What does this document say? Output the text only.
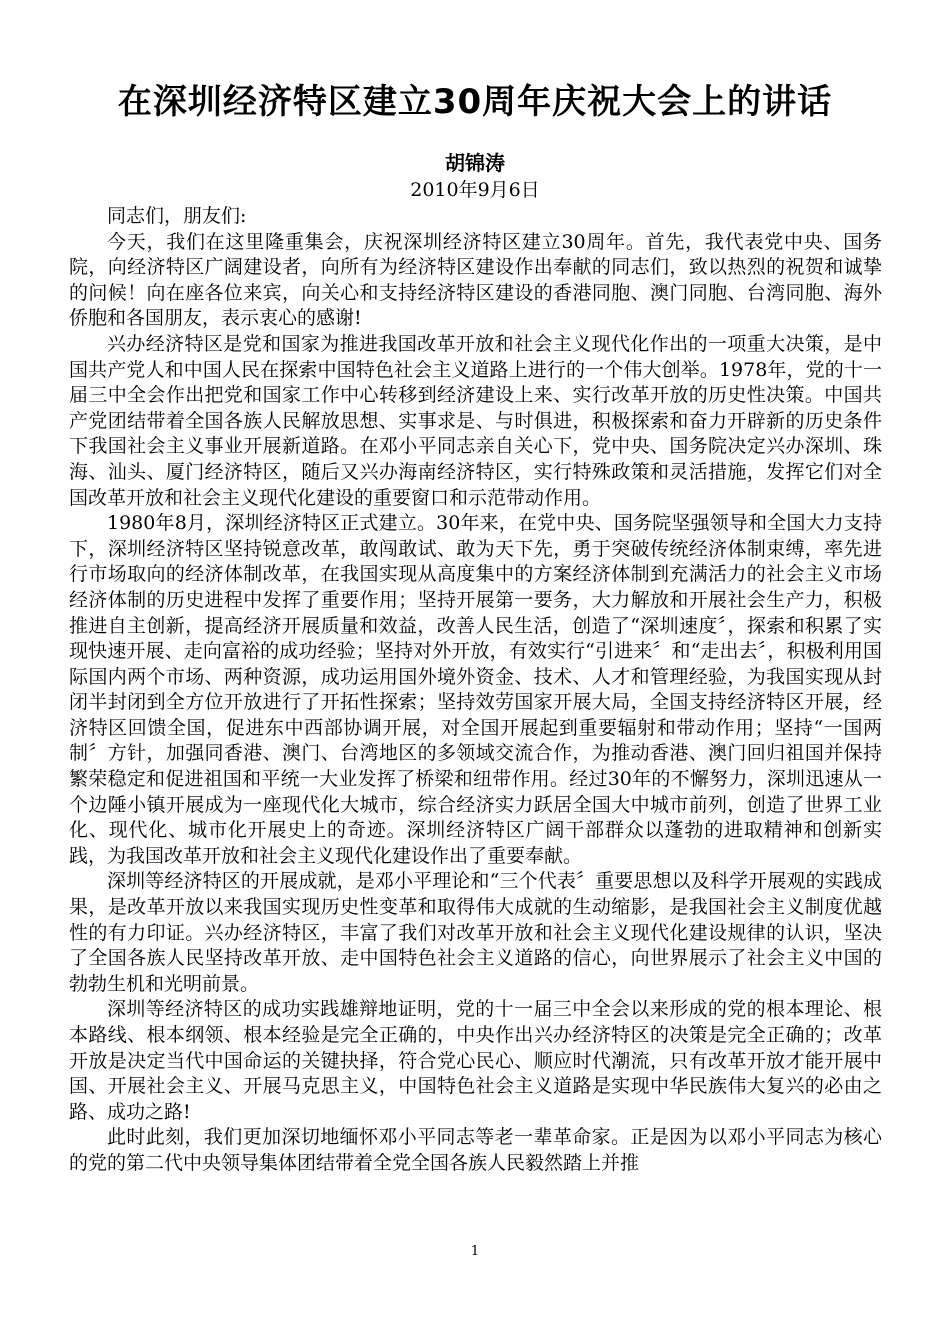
在深圳经济特区建立30周年庆祝大会上的讲话
胡锦涛
2010年9月6日

同志们，朋友们:

今天，我们在这里隆重集会，庆祝深圳经济特区建立30周年。首先，我代表党中央、国务院，向经济特区广阔建设者，向所有为经济特区建设作出奉献的同志们，致以热烈的祝贺和诚挚的问候！向在座各位来宾，向关心和支持经济特区建设的香港同胞、澳门同胞、台湾同胞、海外侨胞和各国朋友，表示衷心的感谢!

兴办经济特区是党和国家为推进我国改革开放和社会主义现代化作出的一项重大决策，是中国共产党人和中国人民在探索中国特色社会主义道路上进行的一个伟大创举。1978年，党的十一届三中全会作出把党和国家工作中心转移到经济建设上来、实行改革开放的历史性决策。中国共产党团结带着全国各族人民解放思想、实事求是、与时俱进，积极探索和奋力开辟新的历史条件下我国社会主义事业开展新道路。在邓小平同志亲自关心下，党中央、国务院决定兴办深圳、珠海、汕头、厦门经济特区，随后又兴办海南经济特区，实行特殊政策和灵活措施，发挥它们对全国改革开放和社会主义现代化建设的重要窗口和示范带动作用。

1980年8月，深圳经济特区正式建立。30年来，在党中央、国务院坚强领导和全国大力支持下，深圳经济特区坚持锐意改革，敢闯敢试、敢为天下先，勇于突破传统经济体制束缚，率先进行市场取向的经济体制改革，在我国实现从高度集中的方案经济体制到充满活力的社会主义市场经济体制的历史进程中发挥了重要作用；坚持开展第一要务，大力解放和开展社会生产力，积极推进自主创新，提高经济开展质量和效益，改善人民生活，创造了“深圳速度〞，探索和积累了实现快速开展、走向富裕的成功经验；坚持对外开放，有效实行“引进来〞和“走出去〞，积极利用国际国内两个市场、两种资源，成功运用国外境外资金、技术、人才和管理经验，为我国实现从封闭半封闭到全方位开放进行了开拓性探索；坚持效劳国家开展大局，全国支持经济特区开展，经济特区回馈全国，促进东中西部协调开展，对全国开展起到重要辐射和带动作用；坚持“一国两制〞方针，加强同香港、澳门、台湾地区的多领域交流合作，为推动香港、澳门回归祖国并保持繁荣稳定和促进祖国和平统一大业发挥了桥梁和纽带作用。经过30年的不懈努力，深圳迅速从一个边陲小镇开展成为一座现代化大城市，综合经济实力跃居全国大中城市前列，创造了世界工业化、现代化、城市化开展史上的奇迹。深圳经济特区广阔干部群众以蓬勃的进取精神和创新实践，为我国改革开放和社会主义现代化建设作出了重要奉献。

深圳等经济特区的开展成就，是邓小平理论和“三个代表〞重要思想以及科学开展观的实践成果，是改革开放以来我国实现历史性变革和取得伟大成就的生动缩影，是我国社会主义制度优越性的有力印证。兴办经济特区，丰富了我们对改革开放和社会主义现代化建设规律的认识，坚决了全国各族人民坚持改革开放、走中国特色社会主义道路的信心，向世界展示了社会主义中国的勃勃生机和光明前景。

深圳等经济特区的成功实践雄辩地证明，党的十一届三中全会以来形成的党的根本理论、根本路线、根本纲领、根本经验是完全正确的，中央作出兴办经济特区的决策是完全正确的；改革开放是决定当代中国命运的关键抉择，符合党心民心、顺应时代潮流，只有改革开放才能开展中国、开展社会主义、开展马克思主义，中国特色社会主义道路是实现中华民族伟大复兴的必由之路、成功之路!

此时此刻，我们更加深切地缅怀邓小平同志等老一辈革命家。正是因为以邓小平同志为核心的党的第二代中央领导集体团结带着全党全国各族人民毅然踏上并推

1
